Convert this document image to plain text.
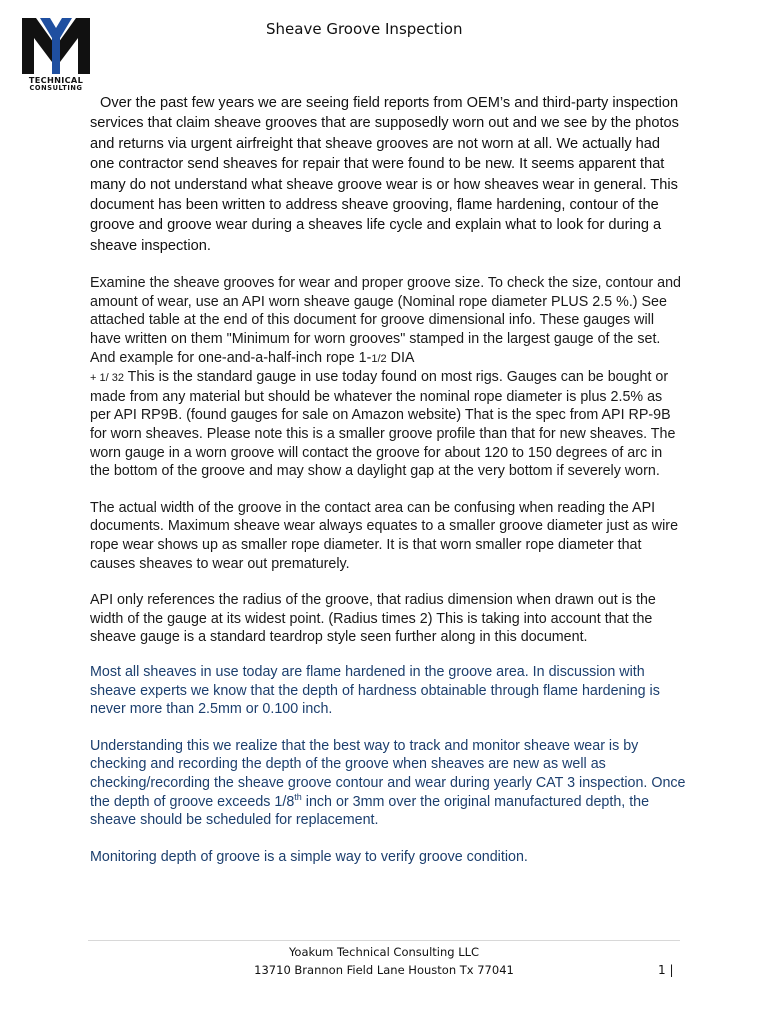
TECHNICAL
CONSULTING
Sheave Groove Inspection

Over the past few years we are seeing field reports from OEM’s and third-party inspection services that claim sheave grooves that are supposedly worn out and we see by the photos and returns via urgent airfreight that sheave grooves are not worn at all. We actually had one contractor send sheaves for repair that were found to be new. It seems apparent that many do not understand what sheave groove wear is or how sheaves wear in general. This document has been written to address sheave grooving, flame hardening, contour of the groove and groove wear during a sheaves life cycle and explain what to look for during a sheave inspection.

Examine the sheave grooves for wear and proper groove size. To check the size, contour and amount of wear, use an API worn sheave gauge (Nominal rope diameter PLUS 2.5 %.) See attached table at the end of this document for groove dimensional info. These gauges will have written on them "Minimum for worn grooves" stamped in the largest gauge of the set. And example for one-and-a-half-inch rope 1-1/2 DIA
+ 1/ 32 This is the standard gauge in use today found on most rigs. Gauges can be bought or made from any material but should be whatever the nominal rope diameter is plus 2.5% as per API RP9B. (found gauges for sale on Amazon website) That is the spec from API RP-9B for worn sheaves. Please note this is a smaller groove profile than that for new sheaves. The worn gauge in a worn groove will contact the groove for about 120 to 150 degrees of arc in the bottom of the groove and may show a daylight gap at the very bottom if severely worn.

The actual width of the groove in the contact area can be confusing when reading the API documents. Maximum sheave wear always equates to a smaller groove diameter just as wire rope wear shows up as smaller rope diameter. It is that worn smaller rope diameter that causes sheaves to wear out prematurely.

API only references the radius of the groove, that radius dimension when drawn out is the width of the gauge at its widest point. (Radius times 2) This is taking into account that the sheave gauge is a standard teardrop style seen further along in this document.

Most all sheaves in use today are flame hardened in the groove area. In discussion with sheave experts we know that the depth of hardness obtainable through flame hardening is never more than 2.5mm or 0.100 inch.

Understanding this we realize that the best way to track and monitor sheave wear is by checking and recording the depth of the groove when sheaves are new as well as checking/recording the sheave groove contour and wear during yearly CAT 3 inspection. Once the depth of groove exceeds 1/8th inch or 3mm over the original manufactured depth, the sheave should be scheduled for replacement.

Monitoring depth of groove is a simple way to verify groove condition.

Yoakum Technical Consulting LLC
13710 Brannon Field Lane Houston Tx 77041	1 |
